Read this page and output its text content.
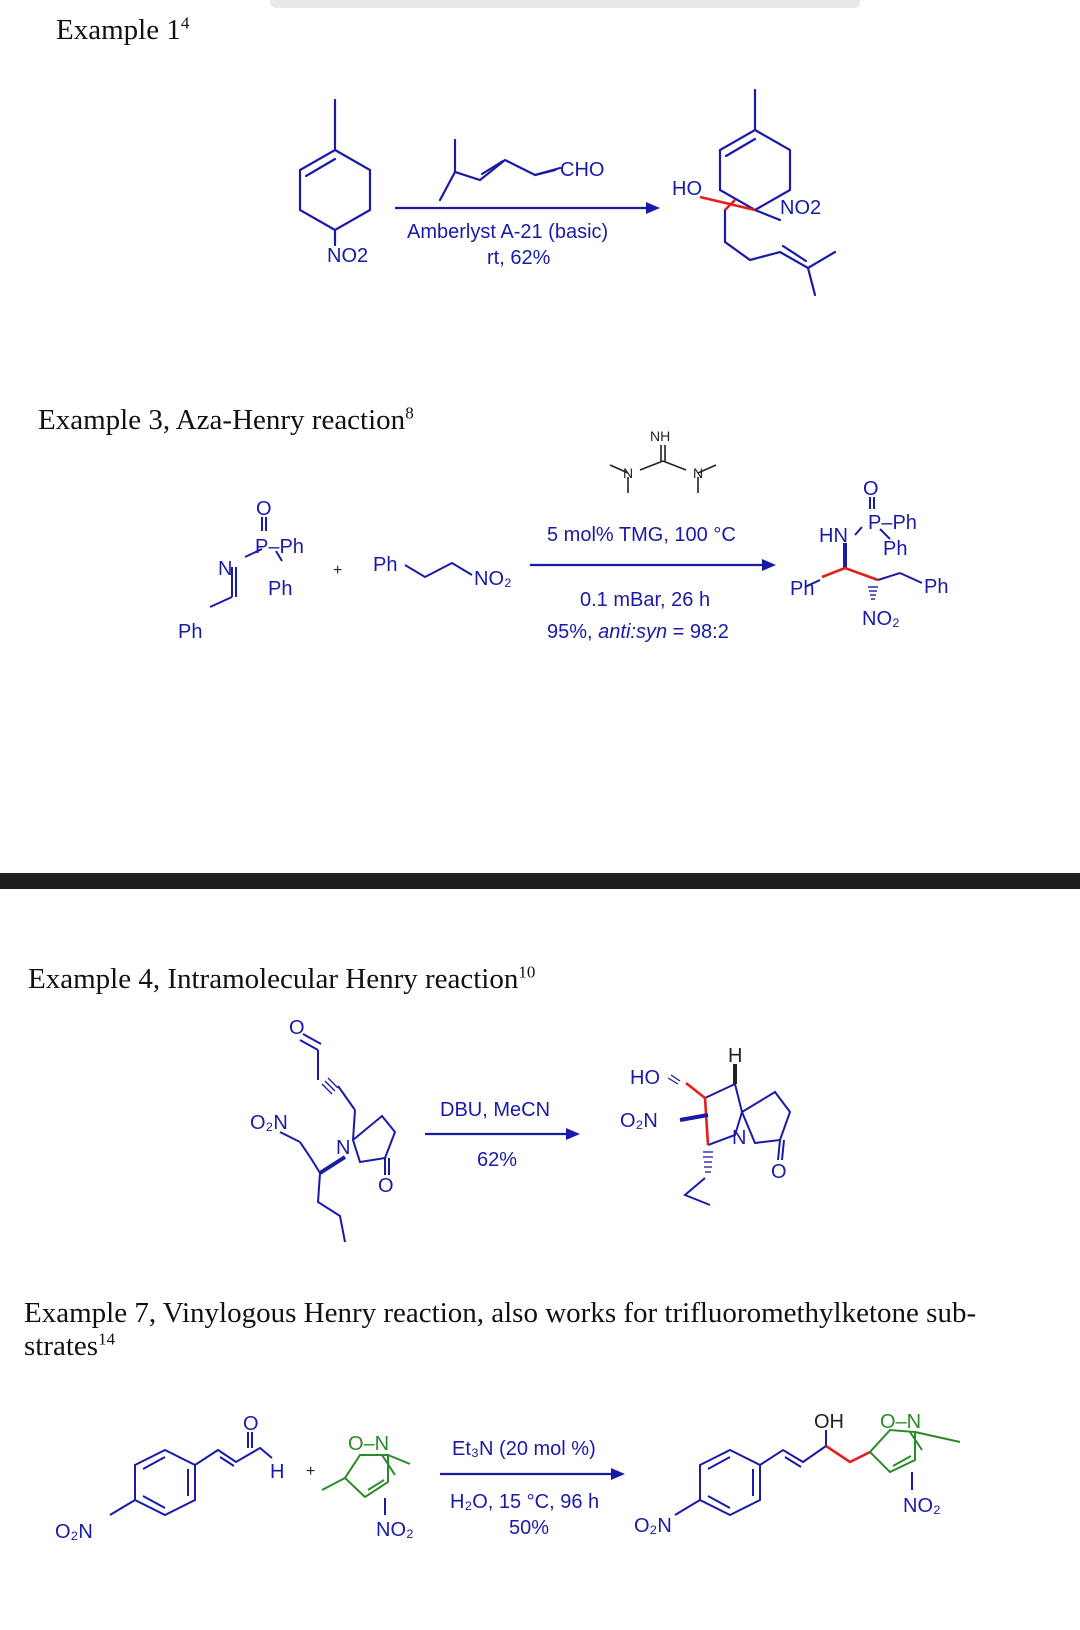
Example $1^4$
CHO
NO2
HO
NO2
Amberlyst A-21 (basic)
rt, 62%
Example 3, Aza-Henry reaction$^8$
NH
N	N
O
P–Ph
N
Ph
Ph
+ Ph
NO₂
5 mol% TMG, 100 °C
0.1 mBar, 26 h
95%, anti:syn = 98:2
O
P–Ph
HN
Ph
Ph	Ph
NO₂
Example 4, Intramolecular Henry reaction$^{10}$
O
O₂N
N
O
DBU, MeCN
62%
HO
O₂N
H
N
O
Example 7, Vinylogous Henry reaction, also works for trifluoromethylketone sub-strates$^{14}$
O
H
O₂N
+
O–N
NO₂
Et₃N (20 mol %)
H₂O, 15 °C, 96 h
50%
OH O–N
O₂N
NO₂
